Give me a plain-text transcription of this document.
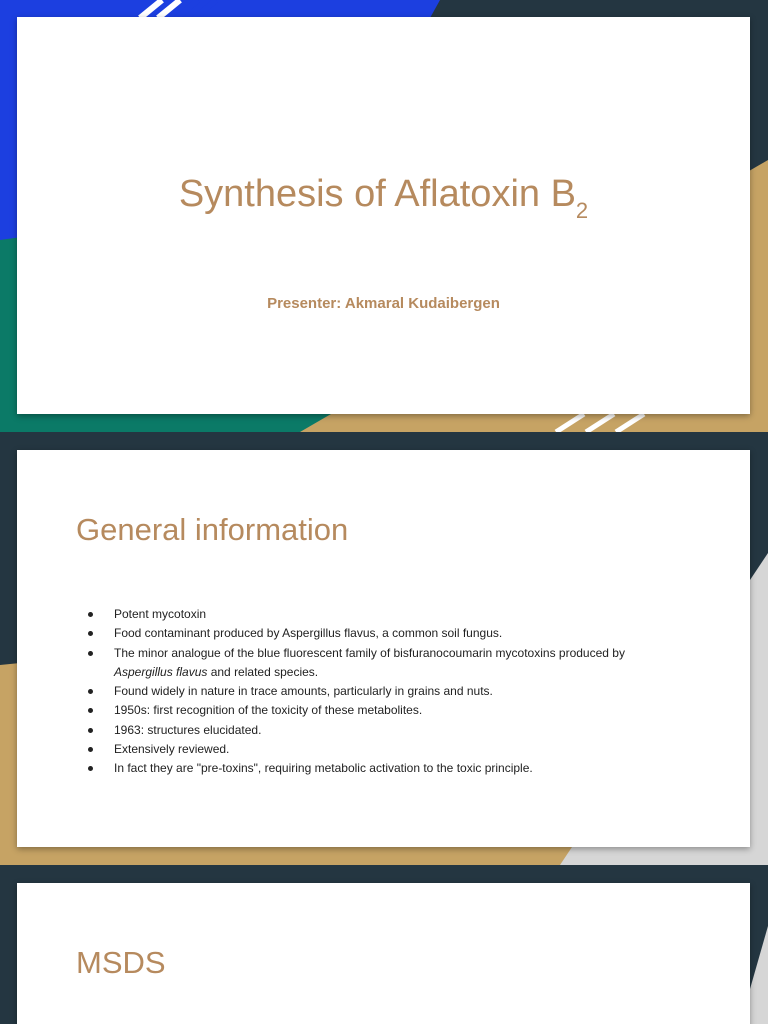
Synthesis of Aflatoxin $B_2$
Presenter: Akmaral Kudaibergen
General information
Potent mycotoxin
Food contaminant produced by Aspergillus flavus, a common soil fungus.
The minor analogue of the blue fluorescent family of bisfuranocoumarin mycotoxins produced by Aspergillus flavus and related species.
Found widely in nature in trace amounts, particularly in grains and nuts.
1950s: first recognition of the toxicity of these metabolites.
1963: structures elucidated.
Extensively reviewed.
In fact they are "pre-toxins", requiring metabolic activation to the toxic principle.
MSDS
